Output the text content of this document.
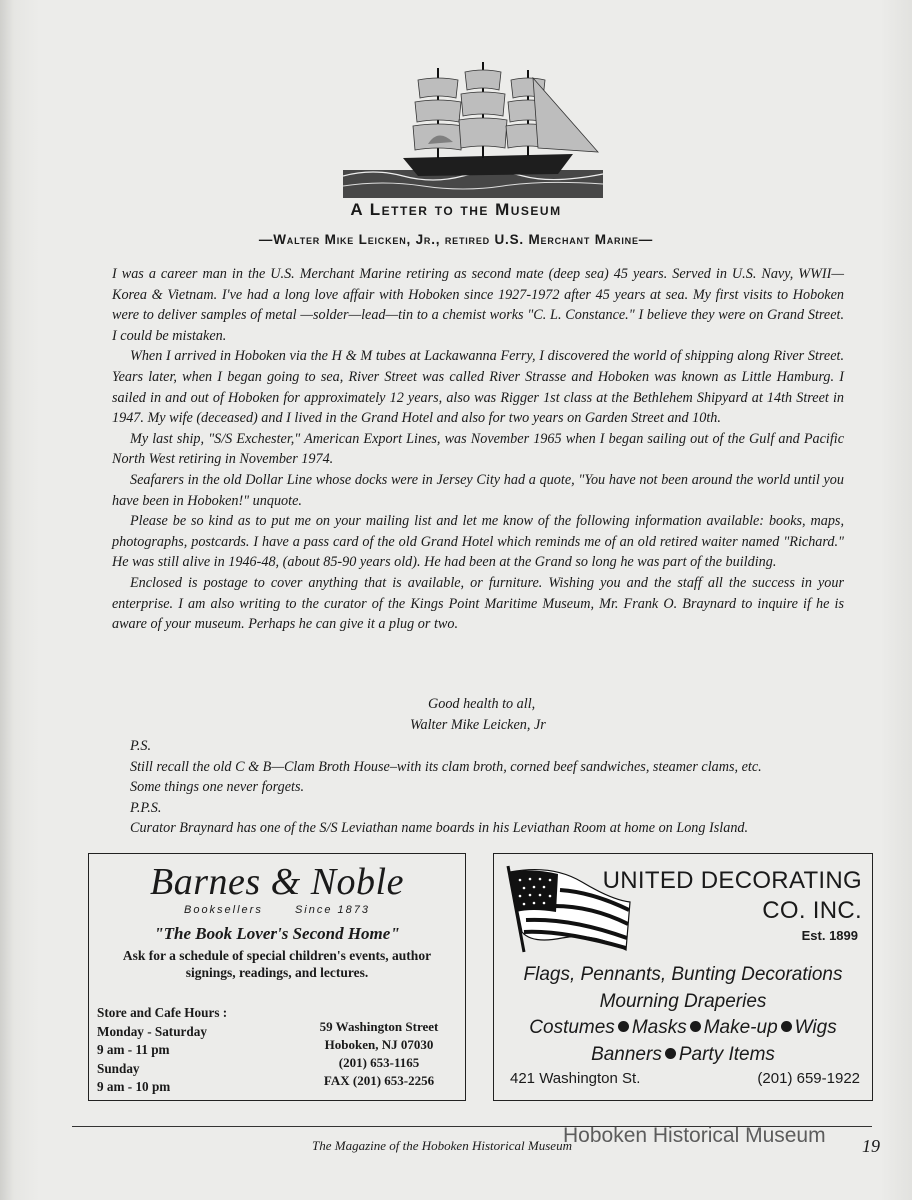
A Letter to the Museum
—Walter Mike Leicken, Jr., retired U.S. Merchant Marine—

I was a career man in the U.S. Merchant Marine retiring as second mate (deep sea) 45 years. Served in U.S. Navy, WWII—Korea & Vietnam. I've had a long love affair with Hoboken since 1927-1972 after 45 years at sea. My first visits to Hoboken were to deliver samples of metal —solder—lead—tin to a chemist works "C. L. Constance." I believe they were on Grand Street. I could be mistaken.

When I arrived in Hoboken via the H & M tubes at Lackawanna Ferry, I discovered the world of shipping along River Street. Years later, when I began going to sea, River Street was called River Strasse and Hoboken was known as Little Hamburg. I sailed in and out of Hoboken for approximately 12 years, also was Rigger 1st class at the Bethlehem Shipyard at 14th Street in 1947. My wife (deceased) and I lived in the Grand Hotel and also for two years on Garden Street and 10th.

My last ship, "S/S Exchester," American Export Lines, was November 1965 when I began sailing out of the Gulf and Pacific North West retiring in November 1974.

Seafarers in the old Dollar Line whose docks were in Jersey City had a quote, "You have not been around the world until you have been in Hoboken!" unquote.

Please be so kind as to put me on your mailing list and let me know of the following information available: books, maps, photographs, postcards. I have a pass card of the old Grand Hotel which reminds me of an old retired waiter named "Richard." He was still alive in 1946-48, (about 85-90 years old). He had been at the Grand so long he was part of the building.

Enclosed is postage to cover anything that is available, or furniture. Wishing you and the staff all the success in your enterprise. I am also writing to the curator of the Kings Point Maritime Museum, Mr. Frank O. Braynard to inquire if he is aware of your museum. Perhaps he can give it a plug or two.

Good health to all,
Walter Mike Leicken, Jr
P.S.
Still recall the old C & B—Clam Broth House–with its clam broth, corned beef sandwiches, steamer clams, etc.
Some things one never forgets.
P.P.S.
Curator Braynard has one of the S/S Leviathan name boards in his Leviathan Room at home on Long Island.
Barnes & Noble
Booksellers	Since 1873
"The Book Lover's Second Home"
Ask for a schedule of special children's events, author signings, readings, and lectures.
Store and Cafe Hours :
Monday - Saturday
9 am - 11 pm
Sunday
9 am - 10 pm
59 Washington Street
Hoboken, NJ 07030
(201) 653-1165
FAX (201) 653-2256
UNITED DECORATING
CO. INC.
Est. 1899
Flags, Pennants, Bunting Decorations
Mourning Draperies
Costumes Masks Make-up Wigs
Banners Party Items
421 Washington St.	(201) 659-1922
The Magazine of the Hoboken Historical Museum
Hoboken Historical Museum 19
